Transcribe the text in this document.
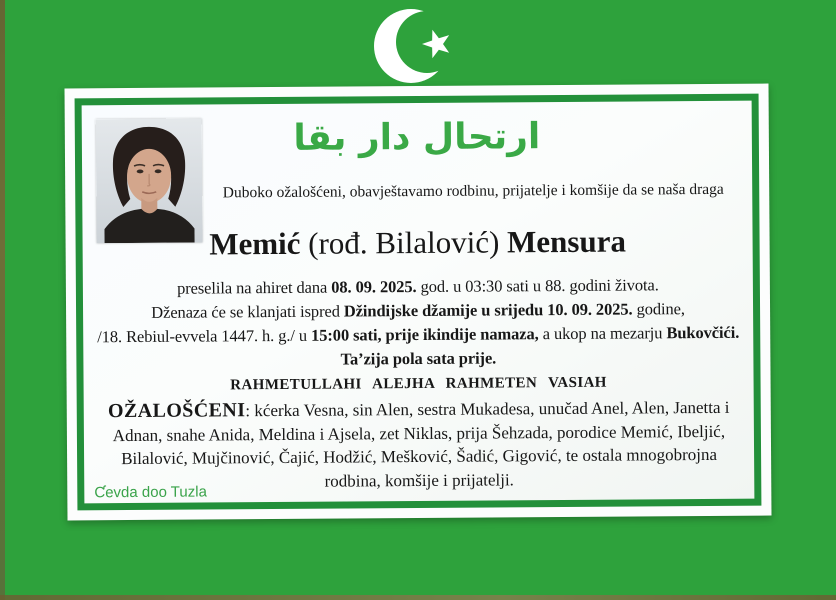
ارتحال دار بقا
Duboko ožalošćeni, obavještavamo rodbinu, prijatelje i komšije da se naša draga
Memić (rođ. Bilalović) Mensura
preselila na ahiret dana 08. 09. 2025. god. u 03:30 sati u 88. godini života.
Dženaza će se klanjati ispred Džindijske džamije u srijedu 10. 09. 2025. godine,
/18. Rebiul-evvela 1447. h. g./ u 15:00 sati, prije ikindije namaza, a ukop na mezarju Bukovčići.
Ta’zija pola sata prije.

RAHMETULLAHI ALEJHA RAHMETEN VASIAH

OŽALOŠĆENI: kćerka Vesna, sin Alen, sestra Mukadesa, unučad Anel, Alen, Janetta i Adnan, snahe Anida, Meldina i Ajsela, zet Niklas, prija Šehzada, porodice Memić, Ibeljić, Bilalović, Mujčinović, Čajić, Hodžić, Mešković, Šadić, Gigović, te ostala mnogobrojna rodbina, komšije i prijatelji.

Ƈevda doo Tuzla
